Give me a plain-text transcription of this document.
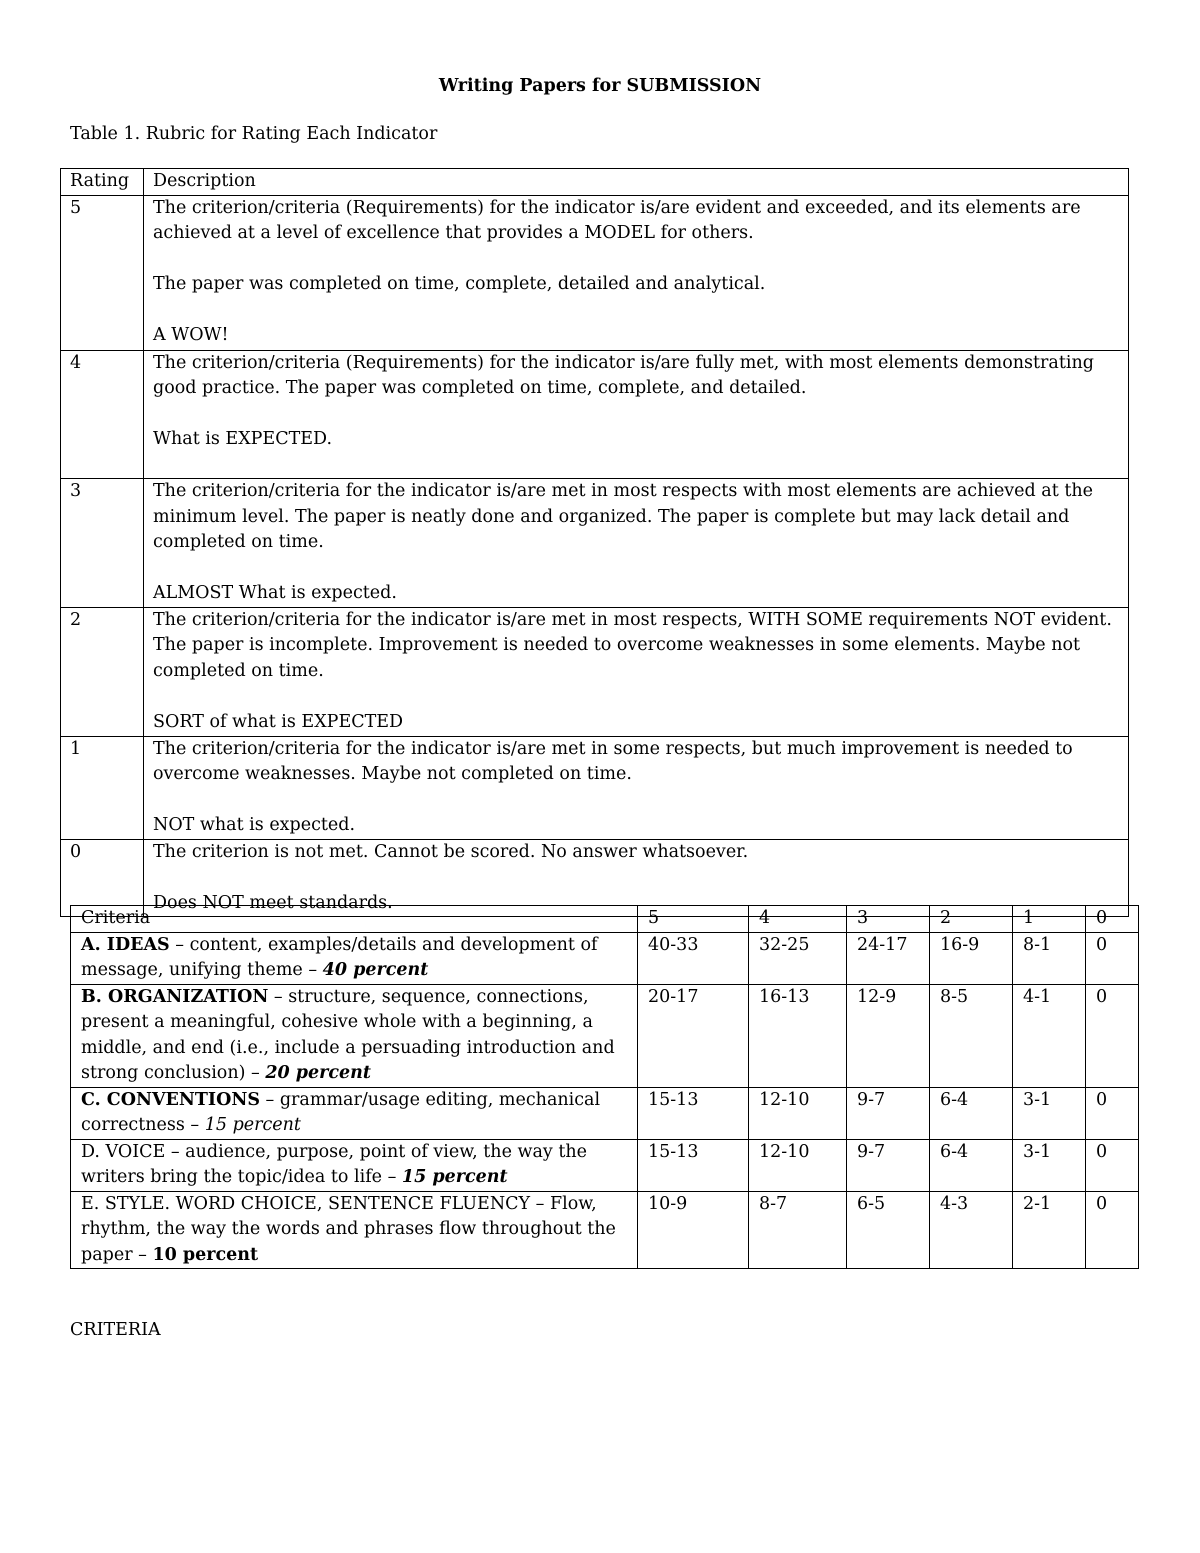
Writing Papers for SUBMISSION
Table 1. Rubric for Rating Each Indicator
Rating	Description
5	The criterion/criteria (Requirements) for the indicator is/are evident and exceeded, and its elements are achieved at a level of excellence that provides a MODEL for others.

The paper was completed on time, complete, detailed and analytical.

A WOW!

4	The criterion/criteria (Requirements) for the indicator is/are fully met, with most elements demonstrating good practice. The paper was completed on time, complete, and detailed.

What is EXPECTED.

3	The criterion/criteria for the indicator is/are met in most respects with most elements are achieved at the minimum level. The paper is neatly done and organized. The paper is complete but may lack detail and completed on time.

ALMOST What is expected.

2	The criterion/criteria for the indicator is/are met in most respects, WITH SOME requirements NOT evident. The paper is incomplete. Improvement is needed to overcome weaknesses in some elements. Maybe not completed on time.

SORT of what is EXPECTED

1	The criterion/criteria for the indicator is/are met in some respects, but much improvement is needed to overcome weaknesses. Maybe not completed on time.

NOT what is expected.

0	The criterion is not met. Cannot be scored. No answer whatsoever.

Does NOT meet standards.

Criteria	5	4	3	2	1	0
A. IDEAS – content, examples/details and development of message, unifying theme – 40 percent	40-33	32-25	24-17	16-9	8-1	0
B. ORGANIZATION – structure, sequence, connections, present a meaningful, cohesive whole with a beginning, a middle, and end (i.e., include a persuading introduction and strong conclusion) – 20 percent	20-17	16-13	12-9	8-5	4-1	0
C. CONVENTIONS – grammar/usage editing, mechanical correctness – 15 percent	15-13	12-10	9-7	6-4	3-1	0
D. VOICE – audience, purpose, point of view, the way the writers bring the topic/idea to life – 15 percent	15-13	12-10	9-7	6-4	3-1	0
E. STYLE. WORD CHOICE, SENTENCE FLUENCY – Flow, rhythm, the way the words and phrases flow throughout the paper – 10 percent	10-9	8-7	6-5	4-3	2-1	0
CRITERIA
